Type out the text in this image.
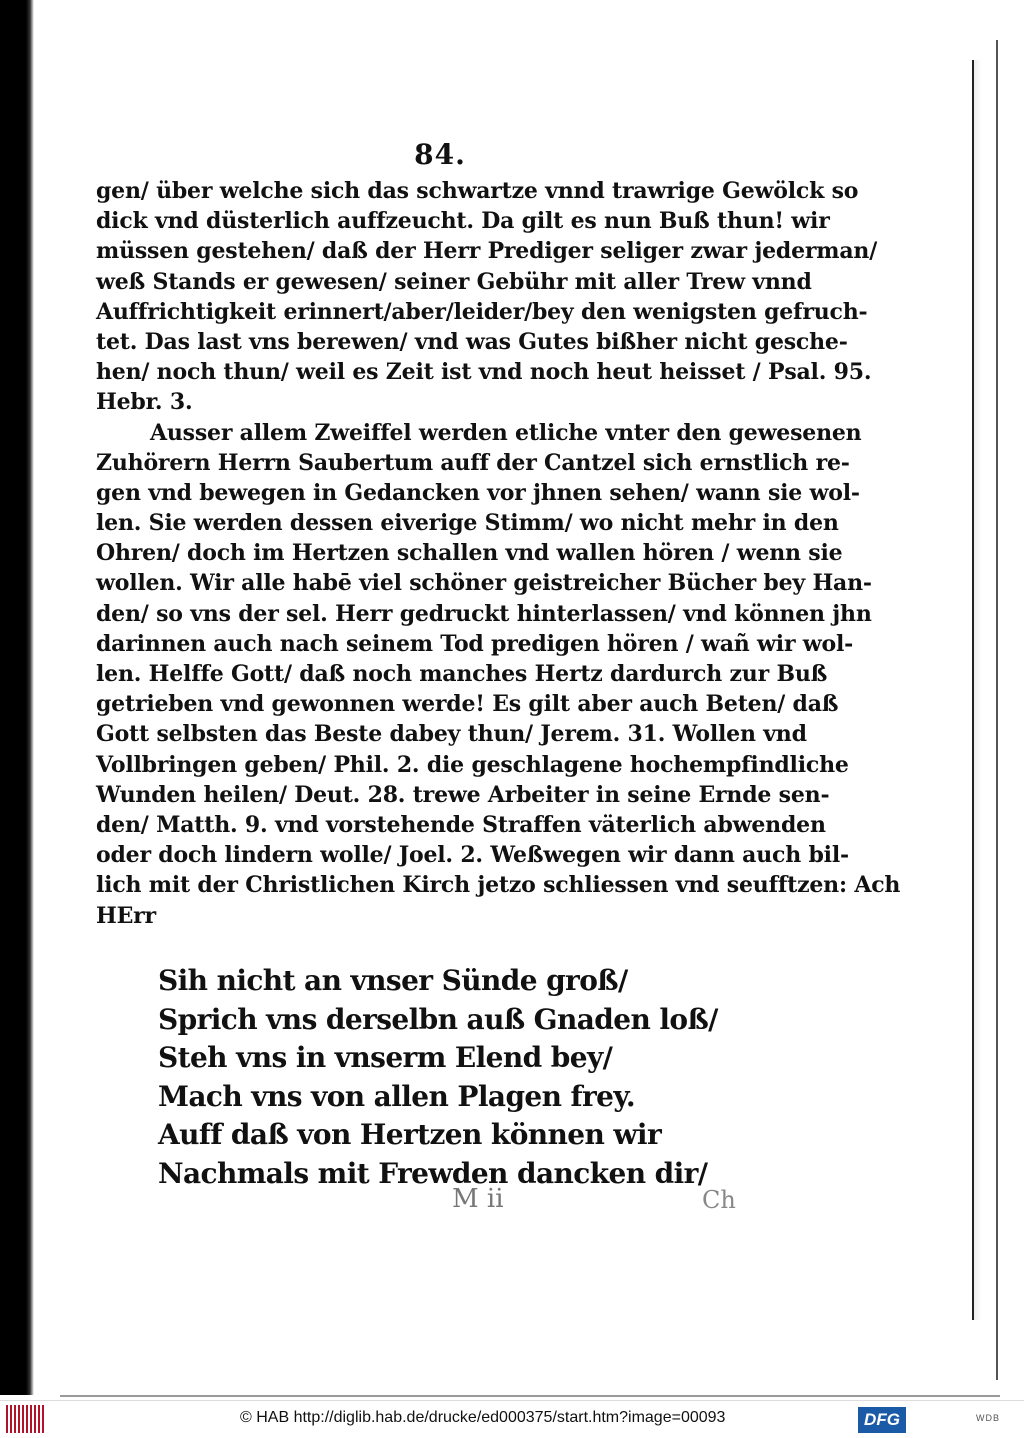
84.
gen/ über welche sich das schwartze vnnd trawrige Gewölck so
dick vnd düsterlich auffzeucht. Da gilt es nun Buß thun! wir
müssen gestehen/ daß der Herr Prediger seliger zwar jederman/
weß Stands er gewesen/ seiner Gebühr mit aller Trew vnnd
Auffrichtigkeit erinnert/aber/leider/bey den wenigsten gefruch-
tet. Das last vns berewen/ vnd was Gutes bißher nicht gesche-
hen/ noch thun/ weil es Zeit ist vnd noch heut heisset / Psal. 95.
Hebr. 3.
Ausser allem Zweiffel werden etliche vnter den gewesenen
Zuhörern Herrn Saubertum auff der Cantzel sich ernstlich re-
gen vnd bewegen in Gedancken vor jhnen sehen/ wann sie wol-
len. Sie werden dessen eiverige Stimm/ wo nicht mehr in den
Ohren/ doch im Hertzen schallen vnd wallen hören / wenn sie
wollen. Wir alle habē viel schöner geistreicher Bücher bey Han-
den/ so vns der sel. Herr gedruckt hinterlassen/ vnd können jhn
darinnen auch nach seinem Tod predigen hören / wañ wir wol-
len. Helffe Gott/ daß noch manches Hertz dardurch zur Buß
getrieben vnd gewonnen werde! Es gilt aber auch Beten/ daß
Gott selbsten das Beste dabey thun/ Jerem. 31. Wollen vnd
Vollbringen geben/ Phil. 2. die geschlagene hochempfindliche
Wunden heilen/ Deut. 28. trewe Arbeiter in seine Ernde sen-
den/ Matth. 9. vnd vorstehende Straffen väterlich abwenden
oder doch lindern wolle/ Joel. 2. Weßwegen wir dann auch bil-
lich mit der Christlichen Kirch jetzo schliessen vnd seufftzen: Ach
HErr
Sih nicht an vnser Sünde groß/
Sprich vns derselbn auß Gnaden loß/
Steh vns in vnserm Elend bey/
Mach vns von allen Plagen frey.
Auff daß von Hertzen können wir
Nachmals mit Frewden dancken dir/
M ii	Ch
© HAB http://diglib.hab.de/drucke/ed000375/start.htm?image=00093	DFG	WDB
